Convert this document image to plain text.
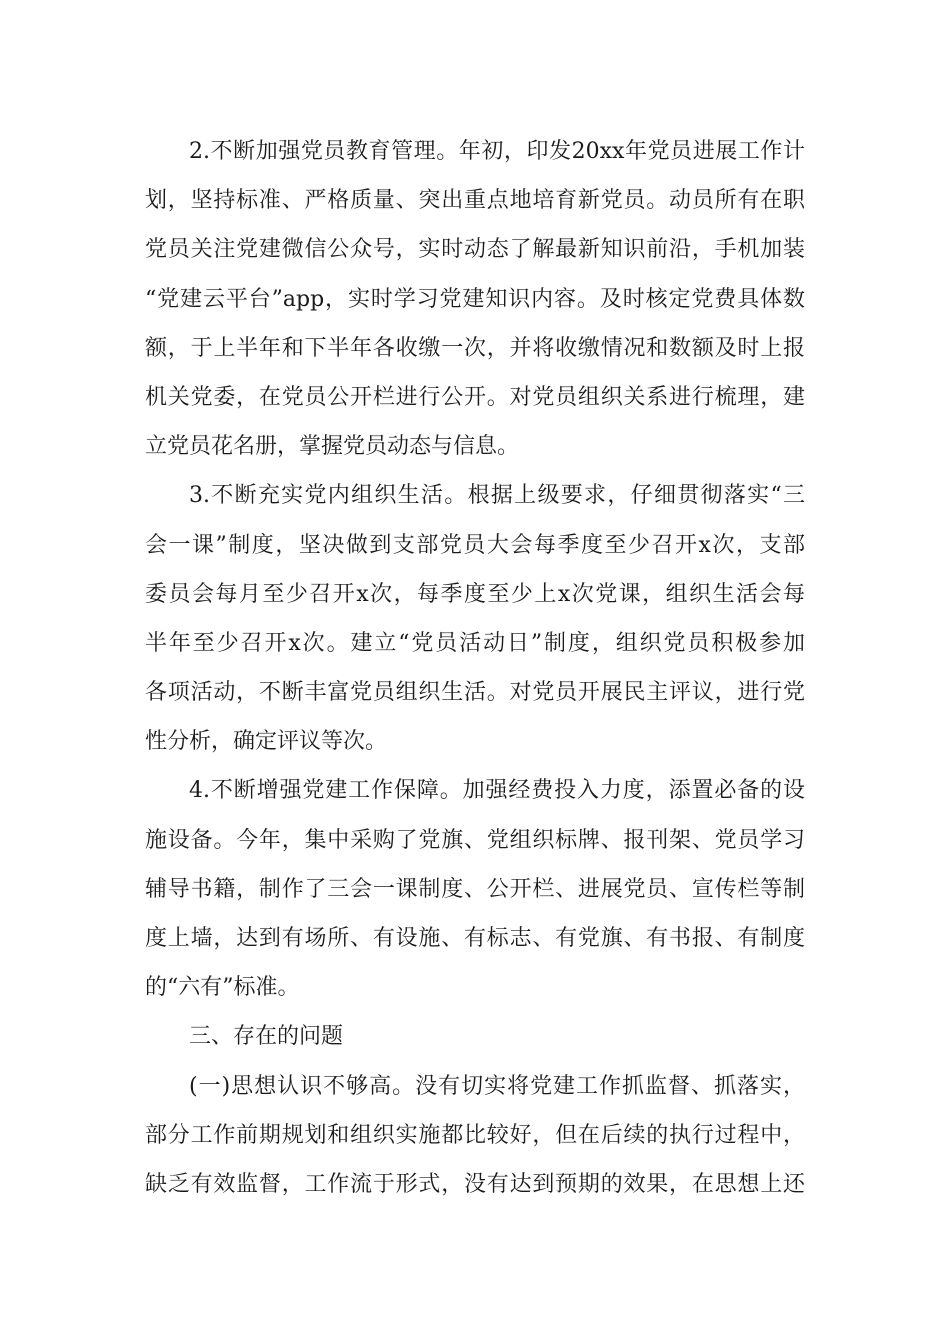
2.不断加强党员教育管理。年初，印发20xx年党员进展工作计
划，坚持标准、严格质量、突出重点地培育新党员。动员所有在职
党员关注党建微信公众号，实时动态了解最新知识前沿，手机加装
“党建云平台”app，实时学习党建知识内容。及时核定党费具体数
额，于上半年和下半年各收缴一次，并将收缴情况和数额及时上报
机关党委，在党员公开栏进行公开。对党员组织关系进行梳理，建
立党员花名册，掌握党员动态与信息。
3.不断充实党内组织生活。根据上级要求，仔细贯彻落实“三
会一课”制度，坚决做到支部党员大会每季度至少召开x次，支部
委员会每月至少召开x次，每季度至少上x次党课，组织生活会每
半年至少召开x次。建立“党员活动日”制度，组织党员积极参加
各项活动，不断丰富党员组织生活。对党员开展民主评议，进行党
性分析，确定评议等次。
4.不断增强党建工作保障。加强经费投入力度，添置必备的设
施设备。今年，集中采购了党旗、党组织标牌、报刊架、党员学习
辅导书籍，制作了三会一课制度、公开栏、进展党员、宣传栏等制
度上墙，达到有场所、有设施、有标志、有党旗、有书报、有制度
的“六有”标准。
三、存在的问题
(一)思想认识不够高。没有切实将党建工作抓监督、抓落实，
部分工作前期规划和组织实施都比较好，但在后续的执行过程中，
缺乏有效监督，工作流于形式，没有达到预期的效果，在思想上还
